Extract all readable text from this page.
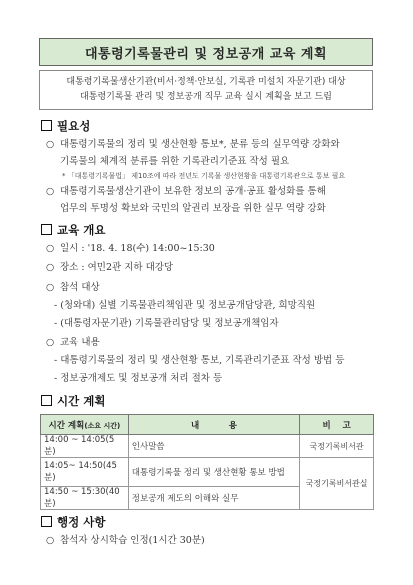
대통령기록물관리 및 정보공개 교육 계획
대통령기록물생산기관(비서·정책·안보실, 기록관 미설치 자문기관) 대상
대통령기록물 관리 및 정보공개 직무 교육 실시 계획을 보고 드림
필요성
○ 대통령기록물의 정리 및 생산현황 통보*, 분류 등의 실무역량 강화와
기록물의 체계적 분류를 위한 기록관리기준표 작성 필요
* 「대통령기록물법」 제10조에 따라 전년도 기록물 생산현황을 대통령기록관으로 통보 필요
○ 대통령기록물생산기관이 보유한 정보의 공개·공표 활성화를 통해
업무의 투명성 확보와 국민의 알권리 보장을 위한 실무 역량 강화
교육 개요
○ 일시 : '18. 4. 18(수) 14:00~15:30
○ 장소 : 여민2관 지하 대강당
○ 참석 대상
- (청와대) 실별 기록물관리책임관 및 정보공개담당관, 희망직원
- (대통령자문기관) 기록물관리담당 및 정보공개책임자
○ 교육 내용
- 대통령기록물의 정리 및 생산현황 통보, 기록관리기준표 작성 방법 등
- 정보공개제도 및 정보공개 처리 절차 등
시간 계획
시간 계획(소요 시간)	내          용	비    고
14:00 ~ 14:05(5분)	인사말씀	국정기록비서관
14:05~ 14:50(45분)	대통령기록물 정리 및 생산현황 통보 방법	국정기록비서관실
14:50 ~ 15:30(40분)	정보공개 제도의 이해와 실무	
행정 사항
○ 참석자 상시학습 인정(1시간 30분)
